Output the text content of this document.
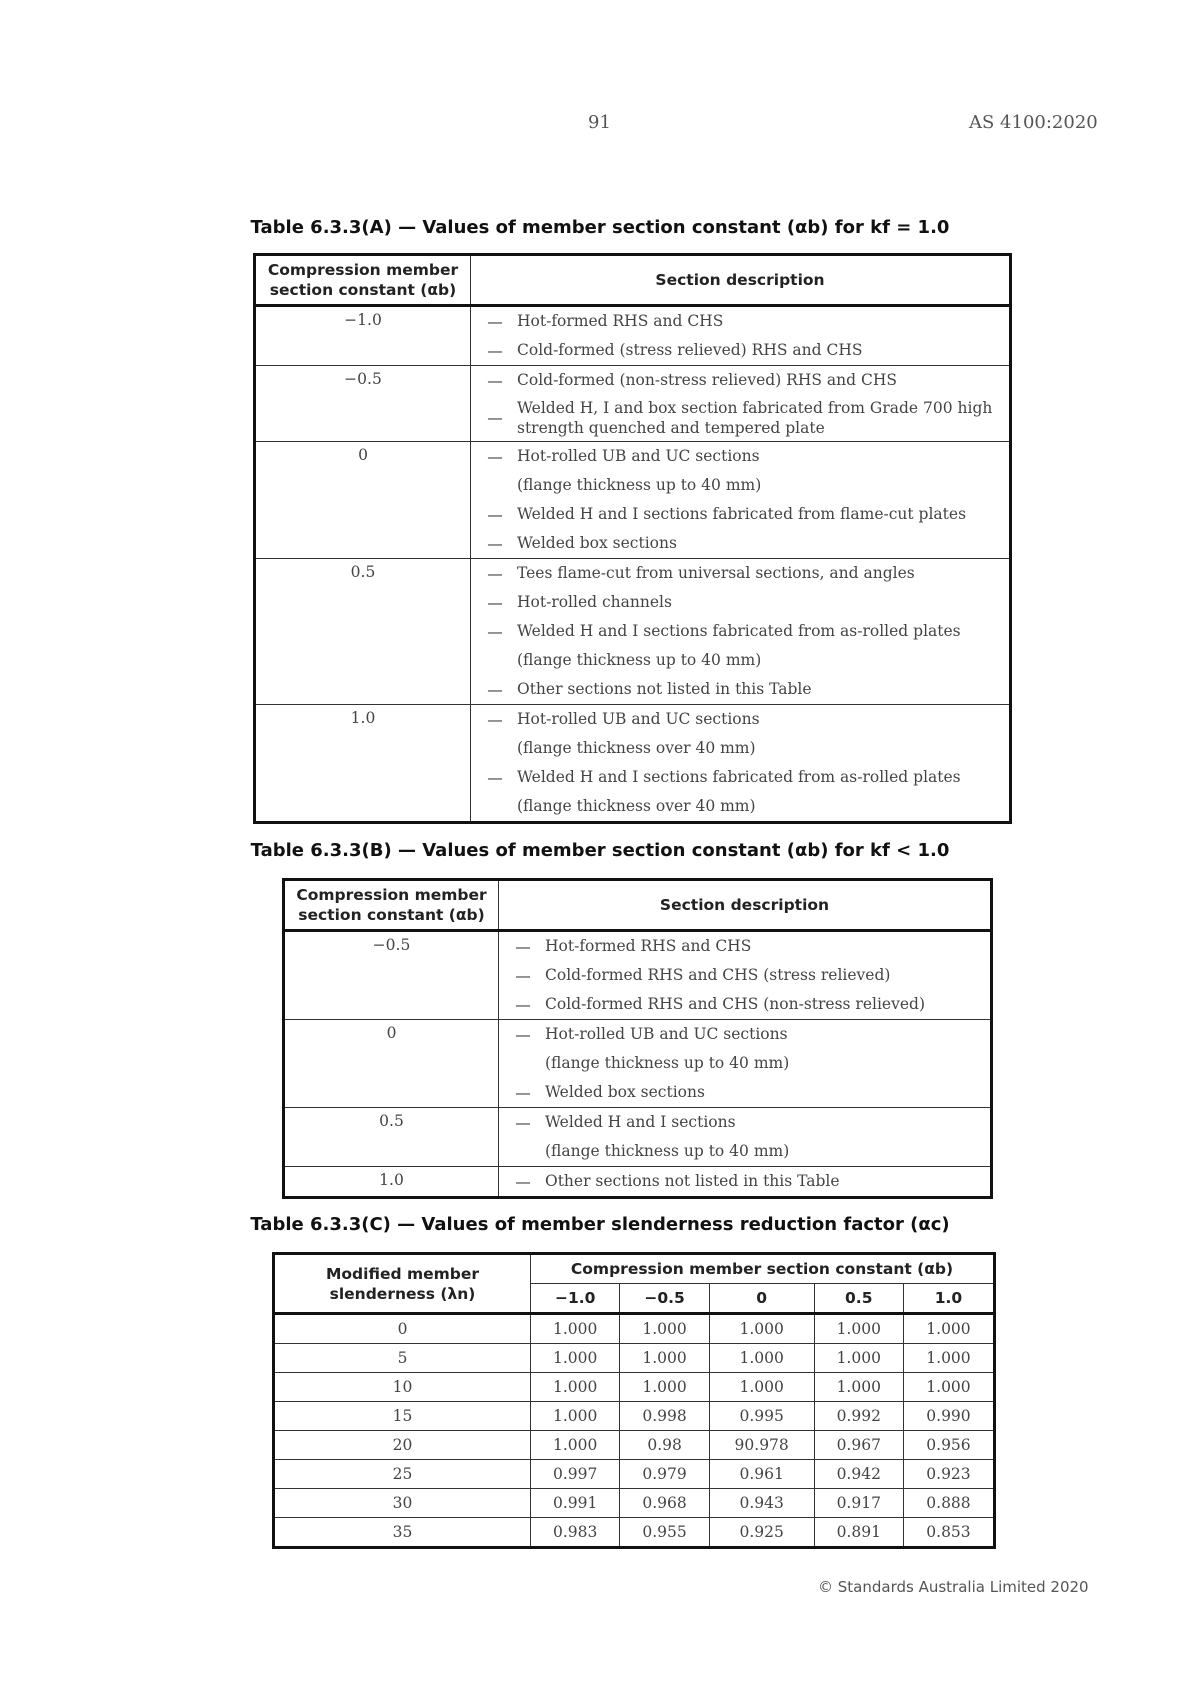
91	AS 4100:2020
Table 6.3.3(A) — Values of member section constant (αb) for kf = 1.0
Compression member
section constant (αb)	Section description	
−1.0	—	Hot-formed RHS and CHS
	—	Cold-formed (stress relieved) RHS and CHS
−0.5	—	Cold-formed (non-stress relieved) RHS and CHS
	—	Welded H, I and box section fabricated from Grade 700 high
strength quenched and tempered plate
0	—	Hot-rolled UB and UC sections
		(flange thickness up to 40 mm)
	—	Welded H and I sections fabricated from flame-cut plates
	—	Welded box sections
0.5	—	Tees flame-cut from universal sections, and angles
	—	Hot-rolled channels
	—	Welded H and I sections fabricated from as-rolled plates
		(flange thickness up to 40 mm)
	—	Other sections not listed in this Table
1.0	—	Hot-rolled UB and UC sections
		(flange thickness over 40 mm)
	—	Welded H and I sections fabricated from as-rolled plates
		(flange thickness over 40 mm)
Table 6.3.3(B) — Values of member section constant (αb) for kf < 1.0
Compression member
section constant (αb)	Section description	
−0.5	—	Hot-formed RHS and CHS
	—	Cold-formed RHS and CHS (stress relieved)
	—	Cold-formed RHS and CHS (non-stress relieved)
0	—	Hot-rolled UB and UC sections
		(flange thickness up to 40 mm)
	—	Welded box sections
0.5	—	Welded H and I sections
		(flange thickness up to 40 mm)
1.0	—	Other sections not listed in this Table
Table 6.3.3(C) — Values of member slenderness reduction factor (αc)
Modified member
slenderness (λn)	Compression member section constant (αb)				
	−1.0	−0.5	0	0.5	1.0
0	1.000	1.000	1.000	1.000	1.000
5	1.000	1.000	1.000	1.000	1.000
10	1.000	1.000	1.000	1.000	1.000
15	1.000	0.998	0.995	0.992	0.990
20	1.000	0.98	90.978	0.967	0.956
25	0.997	0.979	0.961	0.942	0.923
30	0.991	0.968	0.943	0.917	0.888
35	0.983	0.955	0.925	0.891	0.853
© Standards Australia Limited 2020
